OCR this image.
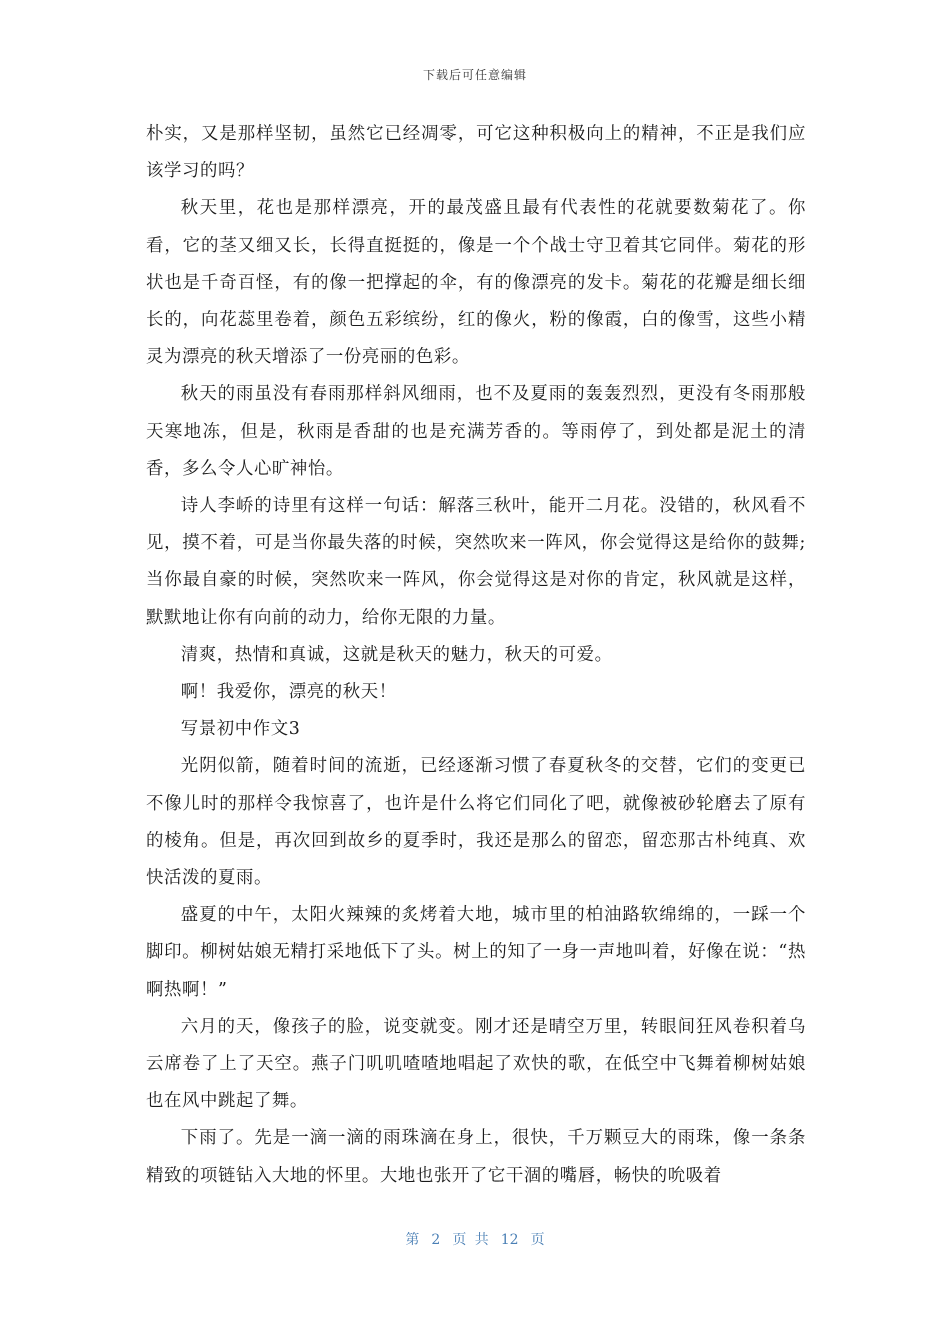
下载后可任意编辑

朴实，又是那样坚韧，虽然它已经凋零，可它这种积极向上的精神，不正是我们应该学习的吗？

秋天里，花也是那样漂亮，开的最茂盛且最有代表性的花就要数菊花了。你看，它的茎又细又长，长得直挺挺的，像是一个个战士守卫着其它同伴。菊花的形状也是千奇百怪，有的像一把撑起的伞，有的像漂亮的发卡。菊花的花瓣是细长细长的，向花蕊里卷着，颜色五彩缤纷，红的像火，粉的像霞，白的像雪，这些小精灵为漂亮的秋天增添了一份亮丽的色彩。

秋天的雨虽没有春雨那样斜风细雨，也不及夏雨的轰轰烈烈，更没有冬雨那般天寒地冻，但是，秋雨是香甜的也是充满芳香的。等雨停了，到处都是泥土的清香，多么令人心旷神怡。

诗人李峤的诗里有这样一句话：解落三秋叶，能开二月花。没错的，秋风看不见，摸不着，可是当你最失落的时候，突然吹来一阵风，你会觉得这是给你的鼓舞;当你最自豪的时候，突然吹来一阵风，你会觉得这是对你的肯定，秋风就是这样，默默地让你有向前的动力，给你无限的力量。

清爽，热情和真诚，这就是秋天的魅力，秋天的可爱。

啊！我爱你，漂亮的秋天！

写景初中作文3

光阴似箭，随着时间的流逝，已经逐渐习惯了春夏秋冬的交替，它们的变更已不像儿时的那样令我惊喜了，也许是什么将它们同化了吧，就像被砂轮磨去了原有的棱角。但是，再次回到故乡的夏季时，我还是那么的留恋，留恋那古朴纯真、欢快活泼的夏雨。

盛夏的中午，太阳火辣辣的炙烤着大地，城市里的柏油路软绵绵的，一踩一个脚印。柳树姑娘无精打采地低下了头。树上的知了一身一声地叫着，好像在说：“热啊热啊！”

六月的天，像孩子的脸，说变就变。刚才还是晴空万里，转眼间狂风卷积着乌云席卷了上了天空。燕子门叽叽喳喳地唱起了欢快的歌，在低空中飞舞着柳树姑娘也在风中跳起了舞。

下雨了。先是一滴一滴的雨珠滴在身上，很快，千万颗豆大的雨珠，像一条条精致的项链钻入大地的怀里。大地也张开了它干涸的嘴唇，畅快的吮吸着

第 2 页 共 12 页
